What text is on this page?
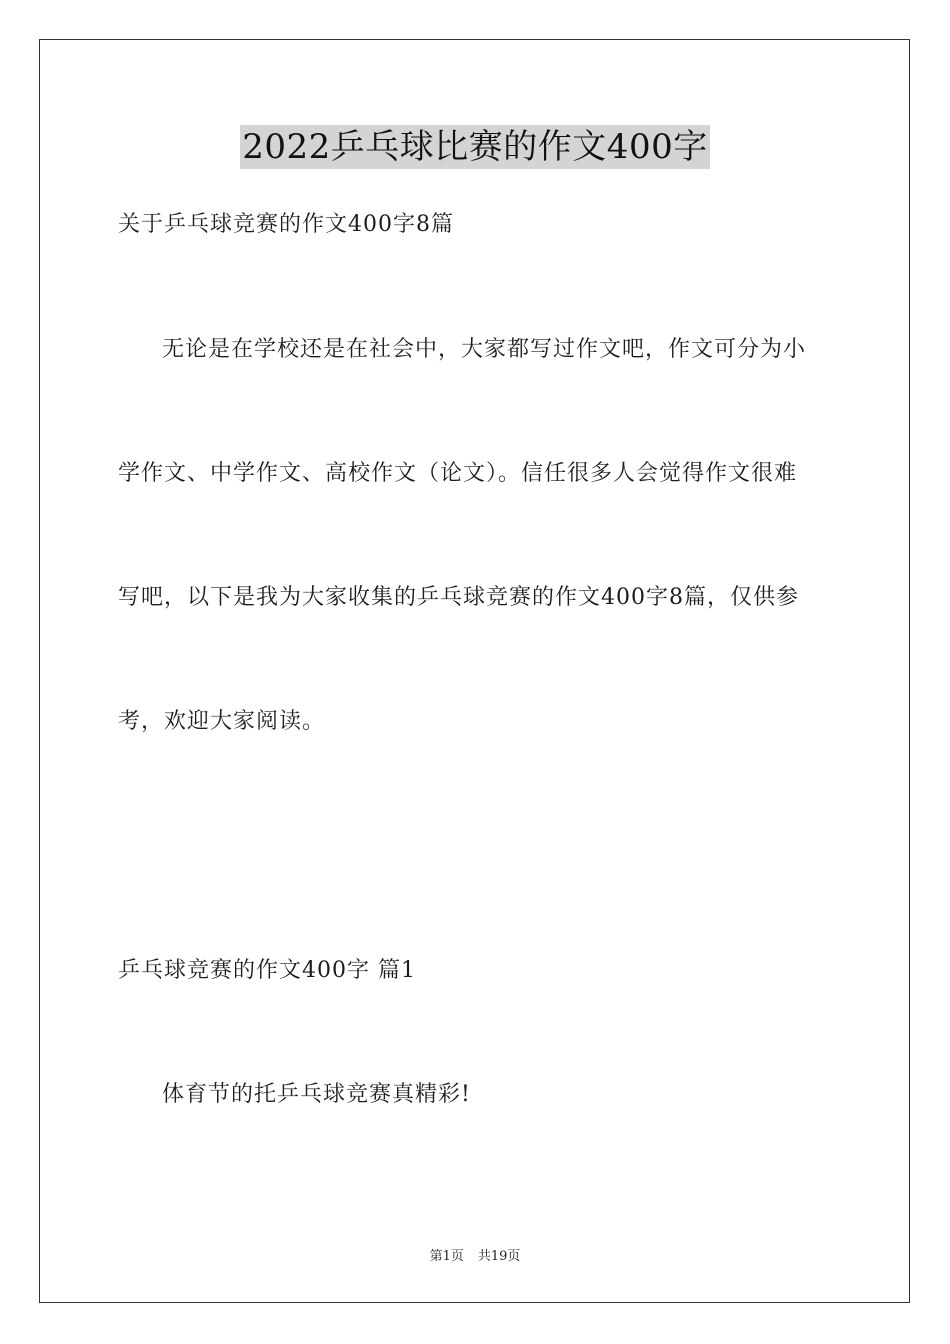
2022乒乓球比赛的作文400字
关于乒乓球竞赛的作文400字8篇
无论是在学校还是在社会中，大家都写过作文吧，作文可分为小
学作文、中学作文、高校作文（论文）。信任很多人会觉得作文很难
写吧，以下是我为大家收集的乒乓球竞赛的作文400字8篇，仅供参
考，欢迎大家阅读。
乒乓球竞赛的作文400字 篇1
体育节的托乒乓球竞赛真精彩!
第1页 共19页
